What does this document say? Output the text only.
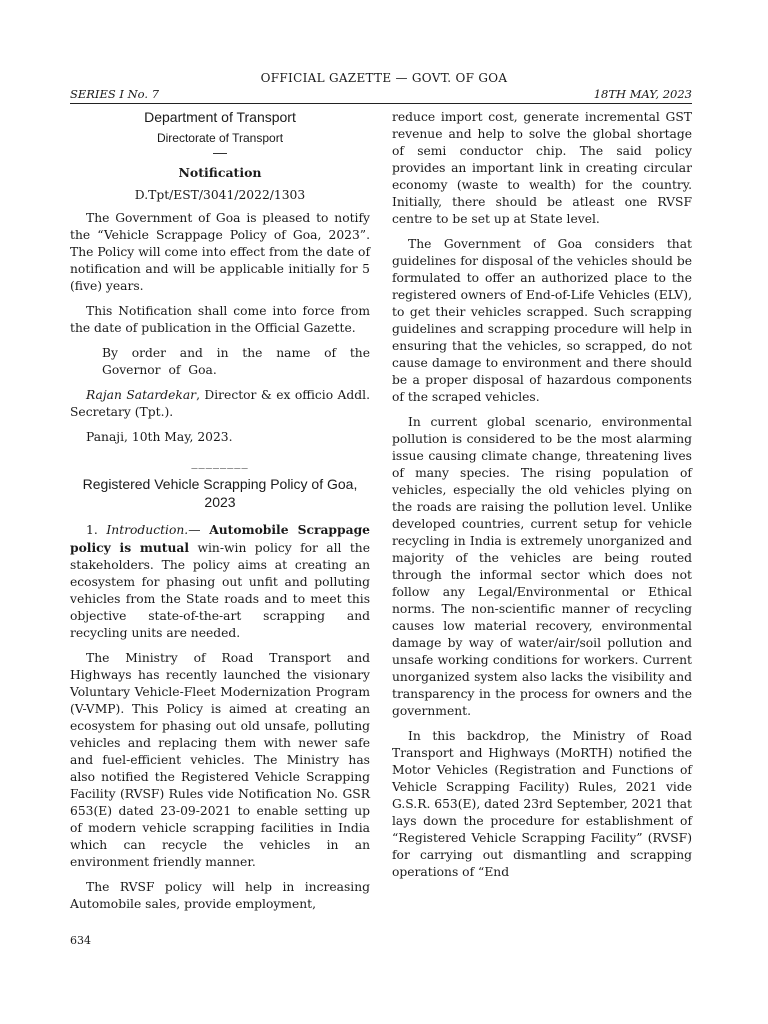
OFFICIAL GAZETTE — GOVT. OF GOA
SERIES I No. 7	18TH MAY, 2023
Department of Transport
Directorate of Transport
Notification
D.Tpt/EST/3041/2022/1303

The Government of Goa is pleased to notify the “Vehicle Scrappage Policy of Goa, 2023”. The Policy will come into effect from the date of notification and will be applicable initially for 5 (five) years.

This Notification shall come into force from the date of publication in the Official Gazette.

By order and in the name of the Governor of Goa.

Rajan Satardekar, Director & ex officio Addl. Secretary (Tpt.).

Panaji, 10th May, 2023.

________
Registered Vehicle Scrapping Policy of Goa, 2023

1. Introduction.— Automobile Scrappage policy is mutual win-win policy for all the stakeholders. The policy aims at creating an ecosystem for phasing out unfit and polluting vehicles from the State roads and to meet this objective state-of-the-art scrapping and recycling units are needed.

The Ministry of Road Transport and Highways has recently launched the visionary Voluntary Vehicle-Fleet Modernization Program (V-VMP). This Policy is aimed at creating an ecosystem for phasing out old unsafe, polluting vehicles and replacing them with newer safe and fuel-efficient vehicles. The Ministry has also notified the Registered Vehicle Scrapping Facility (RVSF) Rules vide Notification No. GSR 653(E) dated 23-09-2021 to enable setting up of modern vehicle scrapping facilities in India which can recycle the vehicles in an environment friendly manner.

The RVSF policy will help in increasing Automobile sales, provide employment,

reduce import cost, generate incremental GST revenue and help to solve the global shortage of semi conductor chip. The said policy provides an important link in creating circular economy (waste to wealth) for the country. Initially, there should be atleast one RVSF centre to be set up at State level.

The Government of Goa considers that guidelines for disposal of the vehicles should be formulated to offer an authorized place to the registered owners of End-of-Life Vehicles (ELV), to get their vehicles scrapped. Such scrapping guidelines and scrapping procedure will help in ensuring that the vehicles, so scrapped, do not cause damage to environment and there should be a proper disposal of hazardous components of the scraped vehicles.

In current global scenario, environmental pollution is considered to be the most alarming issue causing climate change, threatening lives of many species. The rising population of vehicles, especially the old vehicles plying on the roads are raising the pollution level. Unlike developed countries, current setup for vehicle recycling in India is extremely unorganized and majority of the vehicles are being routed through the informal sector which does not follow any Legal/Environmental or Ethical norms. The non-scientific manner of recycling causes low material recovery, environmental damage by way of water/air/soil pollution and unsafe working conditions for workers. Current unorganized system also lacks the visibility and transparency in the process for owners and the government.

In this backdrop, the Ministry of Road Transport and Highways (MoRTH) notified the Motor Vehicles (Registration and Functions of Vehicle Scrapping Facility) Rules, 2021 vide G.S.R. 653(E), dated 23rd September, 2021 that lays down the procedure for establishment of “Registered Vehicle Scrapping Facility” (RVSF) for carrying out dismantling and scrapping operations of “End

634
